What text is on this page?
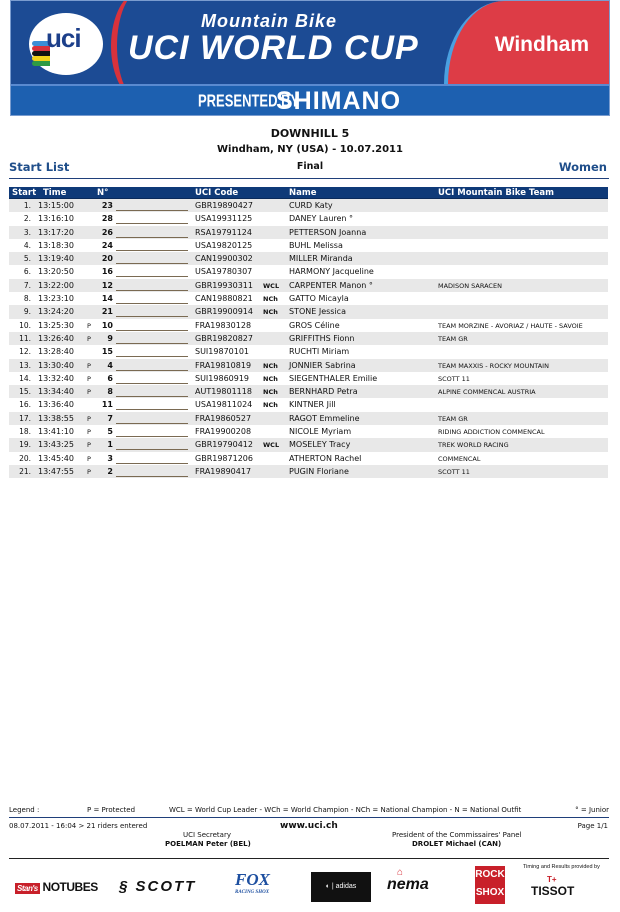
uci
Mountain Bike
UCI WORLD CUP	Windham
PRESENTED BY
SHIMANO
DOWNHILL 5
Windham, NY (USA) - 10.07.2011
Start List	Final	Women
Start Time	N°	UCI Code	Name	UCI Mountain Bike Team
1. 13:15:00	23	GBR19890427	CURD Katy
2. 13:16:10	28	USA19931125	DANEY Lauren °
3. 13:17:20	26	RSA19791124	PETTERSON Joanna
4. 13:18:30	24	USA19820125	BUHL Melissa
5. 13:19:40	20	CAN19900302	MILLER Miranda
6. 13:20:50	16	USA19780307	HARMONY Jacqueline
7. 13:22:00	12	GBR19930311 WCL CARPENTER Manon °	MADISON SARACEN
8. 13:23:10	14	CAN19880821 NCh GATTO Micayla
9. 13:24:20	21	GBR19900914 NCh STONE Jessica
10. 13:25:30 P	10	FRA19830128	GROS Céline	TEAM MORZINE - AVORIAZ / HAUTE - SAVOIE
11. 13:26:40 P	9	GBR19820827	GRIFFITHS Fionn	TEAM GR
12. 13:28:40	15	SUI19870101	RUCHTI Miriam
13. 13:30:40 P	4	FRA19810819 NCh JONNIER Sabrina	TEAM MAXXIS - ROCKY MOUNTAIN
14. 13:32:40 P	6	SUI19860919 NCh SIEGENTHALER Emilie	SCOTT 11
15. 13:34:40 P	8	AUT19801118 NCh BERNHARD Petra	ALPINE COMMENCAL AUSTRIA
16. 13:36:40	11	USA19811024 NCh KINTNER Jill
17. 13:38:55 P	7	FRA19860527	RAGOT Emmeline	TEAM GR
18. 13:41:10 P	5	FRA19900208	NICOLE Myriam	RIDING ADDICTION COMMENCAL
19. 13:43:25 P	1	GBR19790412 WCL MOSELEY Tracy	TREK WORLD RACING
20. 13:45:40 P	3	GBR19871206	ATHERTON Rachel	COMMENCAL
21. 13:47:55 P	2	FRA19890417	PUGIN Floriane	SCOTT 11
Legend :	P = Protected	WCL = World Cup Leader - WCh = World Champion - NCh = National Champion - N = National Outfit	° = Junior
08.07.2011 - 16:04 > 21 riders entered	www.uci.ch	Page 1/1
UCI Secretary
POELMAN Peter (BEL)
President of the Commissaires' Panel
DROLET Michael (CAN)
Stan's NOTUBES § SCOTT FOX
RACING SHOX
◐ | adidas
⌂
nema
ROCK
SHOX
Timing and Results provided by
T+
TISSOT
